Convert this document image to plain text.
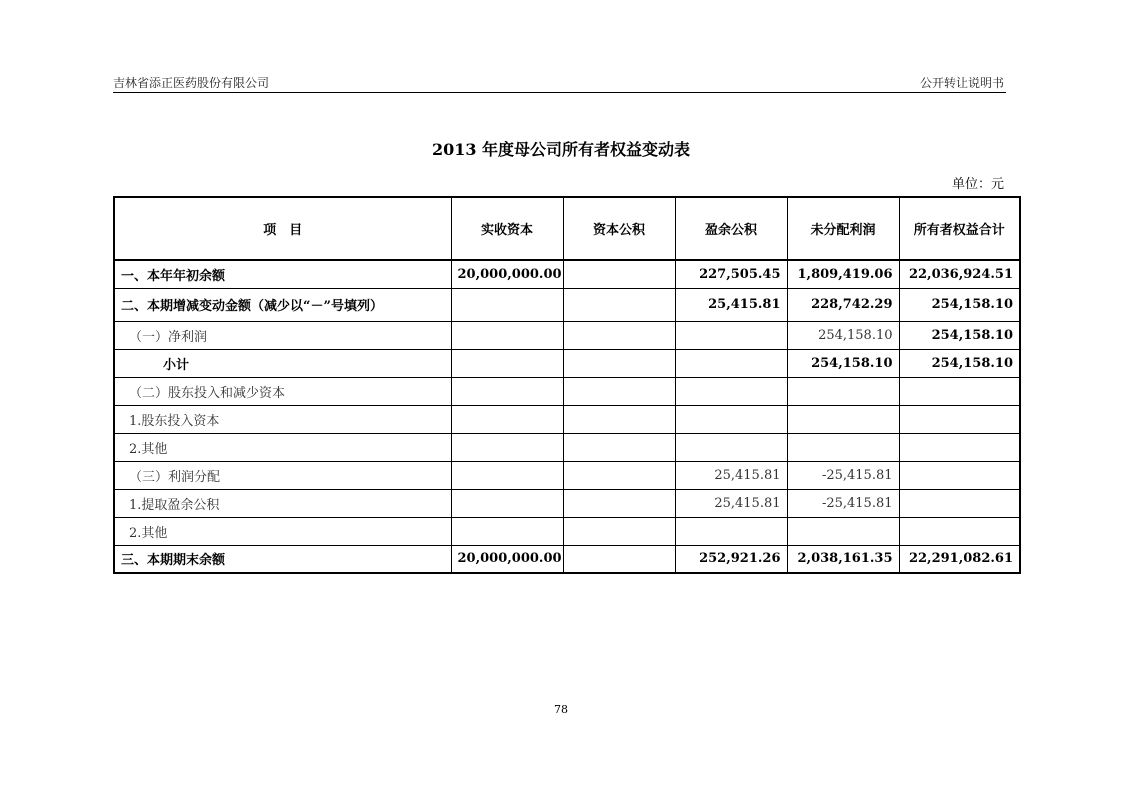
吉林省添正医药股份有限公司	公开转让说明书
2013 年度母公司所有者权益变动表
单位：元
项　目	实收资本	资本公积	盈余公积	未分配利润	所有者权益合计
一、本年年初余额	20,000,000.00		227,505.45	1,809,419.06	22,036,924.51
二、本期增减变动金额（减少以“－”号填列）			25,415.81	228,742.29	254,158.10
（一）净利润				254,158.10	254,158.10
小计				254,158.10	254,158.10
（二）股东投入和减少资本					
1.股东投入资本					
2.其他					
（三）利润分配			25,415.81	-25,415.81	
1.提取盈余公积			25,415.81	-25,415.81	
2.其他					
三、本期期末余额	20,000,000.00		252,921.26	2,038,161.35	22,291,082.61
78
